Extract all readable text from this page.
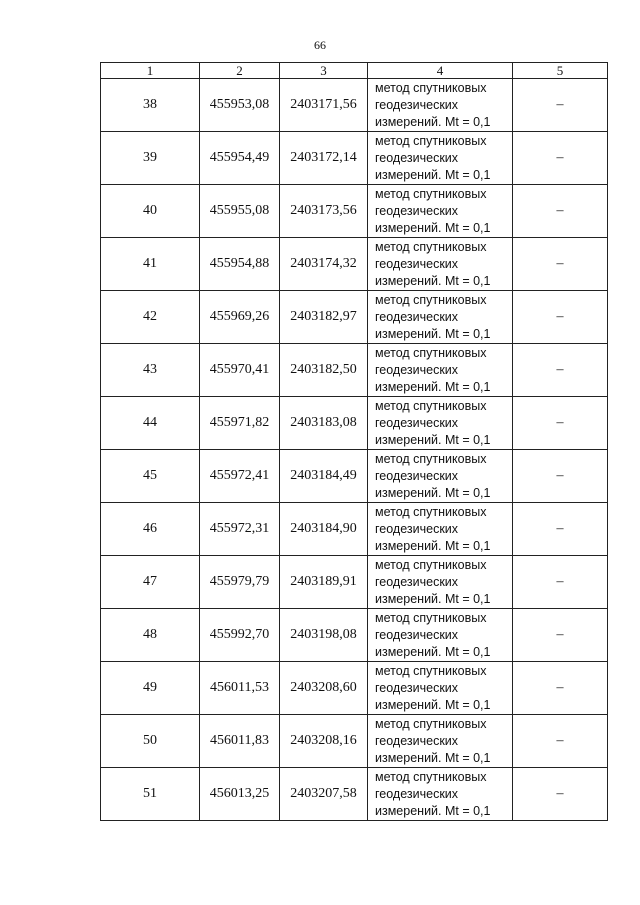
66
1	2	3	4	5
38	455953,08	2403171,56	метод спутниковых
геодезических
измерений. Mt = 0,1	–
39	455954,49	2403172,14	метод спутниковых
геодезических
измерений. Mt = 0,1	–
40	455955,08	2403173,56	метод спутниковых
геодезических
измерений. Mt = 0,1	–
41	455954,88	2403174,32	метод спутниковых
геодезических
измерений. Mt = 0,1	–
42	455969,26	2403182,97	метод спутниковых
геодезических
измерений. Mt = 0,1	–
43	455970,41	2403182,50	метод спутниковых
геодезических
измерений. Mt = 0,1	–
44	455971,82	2403183,08	метод спутниковых
геодезических
измерений. Mt = 0,1	–
45	455972,41	2403184,49	метод спутниковых
геодезических
измерений. Mt = 0,1	–
46	455972,31	2403184,90	метод спутниковых
геодезических
измерений. Mt = 0,1	–
47	455979,79	2403189,91	метод спутниковых
геодезических
измерений. Mt = 0,1	–
48	455992,70	2403198,08	метод спутниковых
геодезических
измерений. Mt = 0,1	–
49	456011,53	2403208,60	метод спутниковых
геодезических
измерений. Mt = 0,1	–
50	456011,83	2403208,16	метод спутниковых
геодезических
измерений. Mt = 0,1	–
51	456013,25	2403207,58	метод спутниковых
геодезических
измерений. Mt = 0,1	–
